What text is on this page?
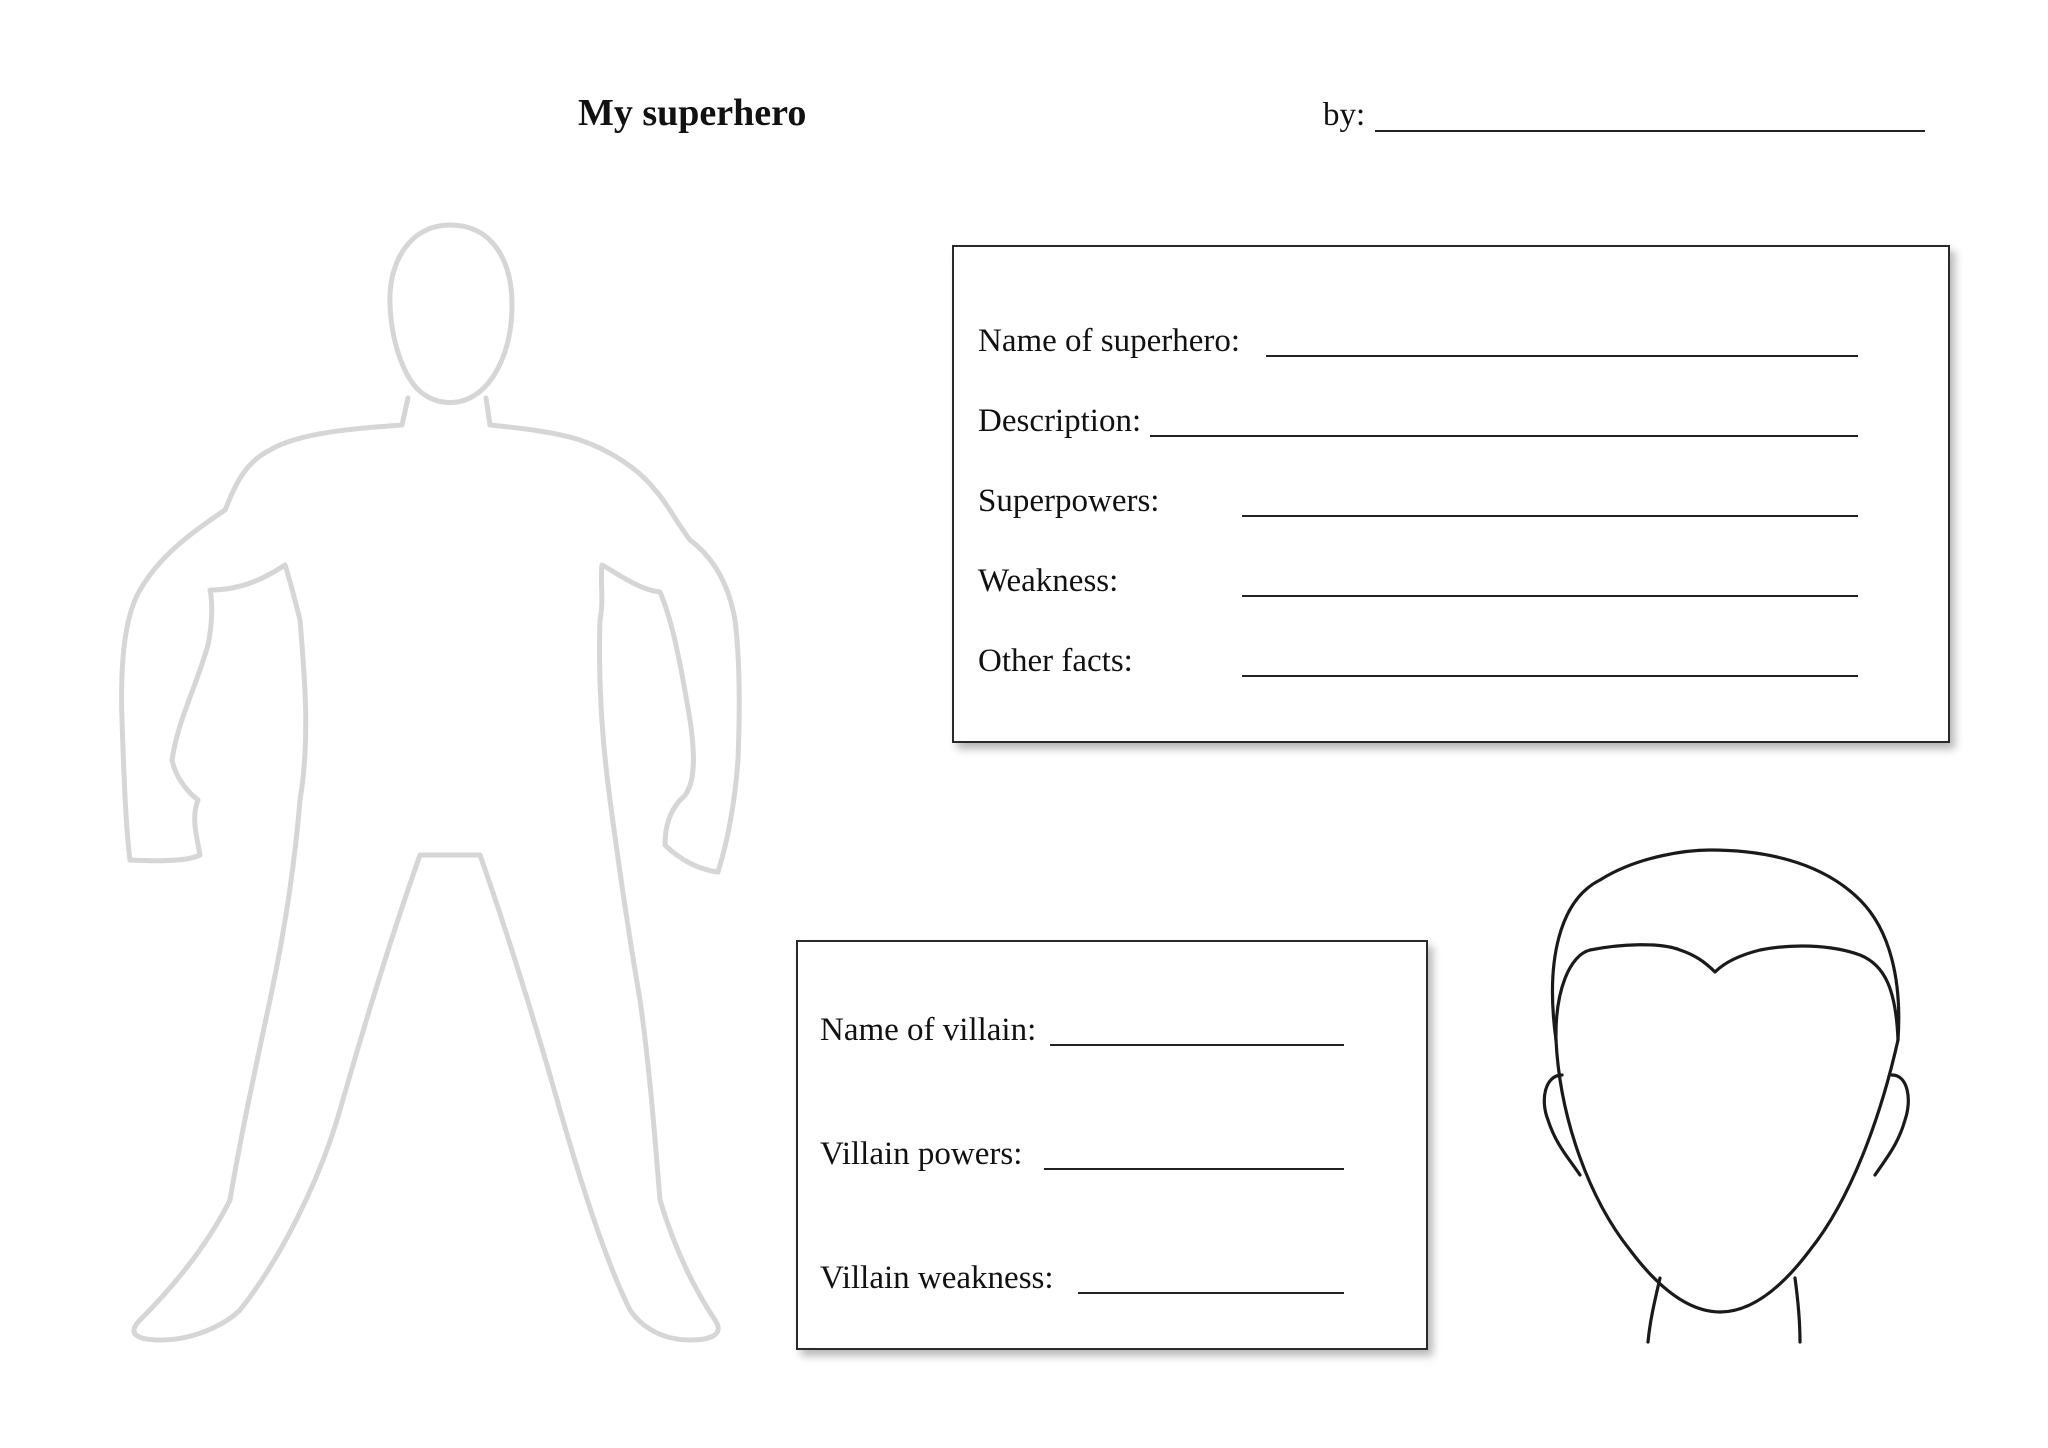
My superhero	by:
Name of superhero:
Description:
Superpowers:
Weakness:
Other facts:
Name of villain:
Villain powers:
Villain weakness:
